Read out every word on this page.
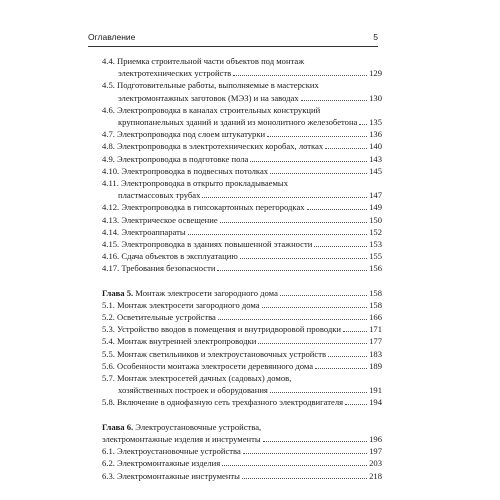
Оглавление	5
4.4. Приемка строительной части объектов под монтаж
электротехнических устройств	129
4.5. Подготовительные работы, выполняемые в мастерских
электромонтажных заготовок (МЭЗ) и на заводах	130
4.6. Электропроводка в каналах строительных конструкций
крупнопанельных зданий и зданий из монолитного железобетона 135
4.7. Электропроводка под слоем штукатурки	136
4.8. Электропроводка в электротехнических коробах, лотках	140
4.9. Электропроводка в подготовке пола	143
4.10. Электропроводка в подвесных потолках	145
4.11. Электропроводка в открыто прокладываемых
пластмассовых трубах	147
4.12. Электропроводка в гипсокартонных перегородках	149
4.13. Электрическое освещение	150
4.14. Электроаппараты	152
4.15. Электропроводка в зданиях повышенной этажности	153
4.16. Сдача объектов в эксплуатацию	155
4.17. Требования безопасности	156
Глава 5. Монтаж электросети загородного дома	158
5.1. Монтаж электросети загородного дома	158
5.2. Осветительные устройства	166
5.3. Устройство вводов в помещения и внутридворовой проводки	171
5.4. Монтаж внутренней электропроводки	177
5.5. Монтаж светильников и электроустановочных устройств	183
5.6. Особенности монтажа электросети деревянного дома	189
5.7. Монтаж электросетей дачных (садовых) домов,
хозяйственных построек и оборудования	191
5.8. Включение в однофазную сеть трехфазного электродвигателя	194
Глава 6. Электроустановочные устройства,
электромонтажные изделия и инструменты	196
6.1. Электроустановочные устройства	197
6.2. Электромонтажные изделия	203
6.3. Электромонтажные инструменты	218
